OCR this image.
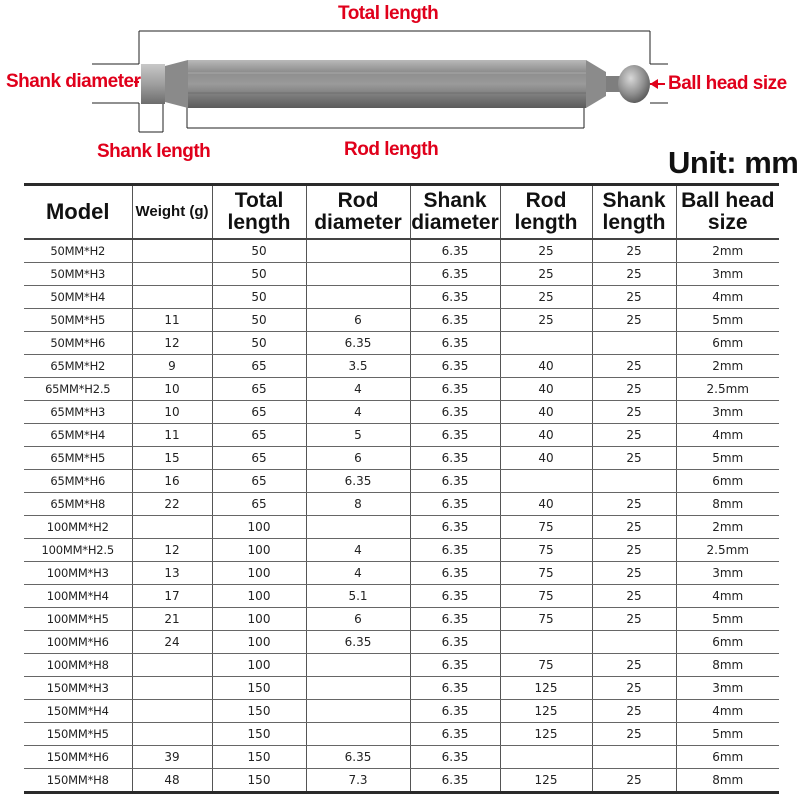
Total length
Shank diameter	Ball head size
Shank length	Rod length	Unit: mm
Model	Weight (g)	Total length	Rod diameter	Shank diameter	Rod length	Shank length	Ball head size
50MM*H2		50		6.35	25	25	2mm
50MM*H3		50		6.35	25	25	3mm
50MM*H4		50		6.35	25	25	4mm
50MM*H5	11	50	6	6.35	25	25	5mm
50MM*H6	12	50	6.35	6.35			6mm
65MM*H2	9	65	3.5	6.35	40	25	2mm
65MM*H2.5	10	65	4	6.35	40	25	2.5mm
65MM*H3	10	65	4	6.35	40	25	3mm
65MM*H4	11	65	5	6.35	40	25	4mm
65MM*H5	15	65	6	6.35	40	25	5mm
65MM*H6	16	65	6.35	6.35			6mm
65MM*H8	22	65	8	6.35	40	25	8mm
100MM*H2		100		6.35	75	25	2mm
100MM*H2.5	12	100	4	6.35	75	25	2.5mm
100MM*H3	13	100	4	6.35	75	25	3mm
100MM*H4	17	100	5.1	6.35	75	25	4mm
100MM*H5	21	100	6	6.35	75	25	5mm
100MM*H6	24	100	6.35	6.35			6mm
100MM*H8		100		6.35	75	25	8mm
150MM*H3		150		6.35	125	25	3mm
150MM*H4		150		6.35	125	25	4mm
150MM*H5		150		6.35	125	25	5mm
150MM*H6	39	150	6.35	6.35			6mm
150MM*H8	48	150	7.3	6.35	125	25	8mm
